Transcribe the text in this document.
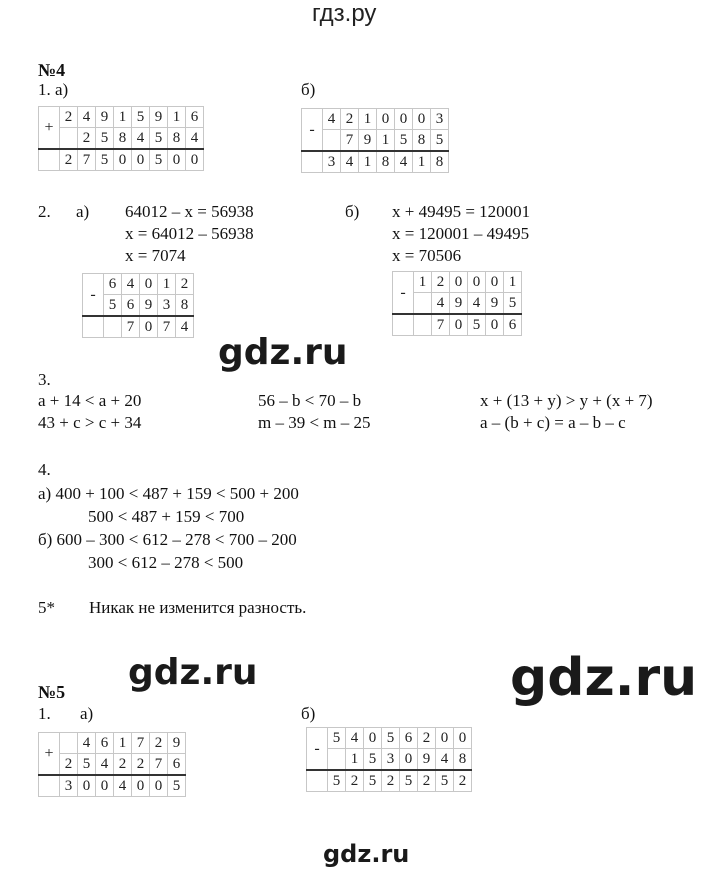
гдз.ру
№4
1. а)	б)
+	2	4	9	1	5	9	1	6
		2	5	8	4	5	8	4
	2	7	5	0	0	5	0	0
-	4	2	1	0	0	0	3
		7	9	1	5	8	5
	3	4	1	8	4	1	8
2. а) 64012 – x = 56938
x = 64012 – 56938
x = 7074
б) x + 49495 = 120001
x = 120001 – 49495
x = 70506
-	6	4	0	1	2
	5	6	9	3	8
		7	0	7	4
-	1	2	0	0	0	1
		4	9	4	9	5
		7	0	5	0	6
gdz.ru
3.
a + 14 < a + 20
43 + c > c + 34
56 – b < 70 – b
m – 39 < m – 25
x + (13 + y) > y + (x + 7)
a – (b + c) = a – b – c
4.
а) 400 + 100 < 487 + 159 < 500 + 200
500 < 487 + 159 < 700
б) 600 – 300 < 612 – 278 < 700 – 200
300 < 612 – 278 < 500
5* Никак не изменится разность.
gdz.ru	gdz.ru
№5
1. а)	б)
+		4	6	1	7	2	9
	2	5	4	2	2	7	6
	3	0	0	4	0	0	5
-	5	4	0	5	6	2	0	0
		1	5	3	0	9	4	8
	5	2	5	2	5	2	5	2
gdz.ru
